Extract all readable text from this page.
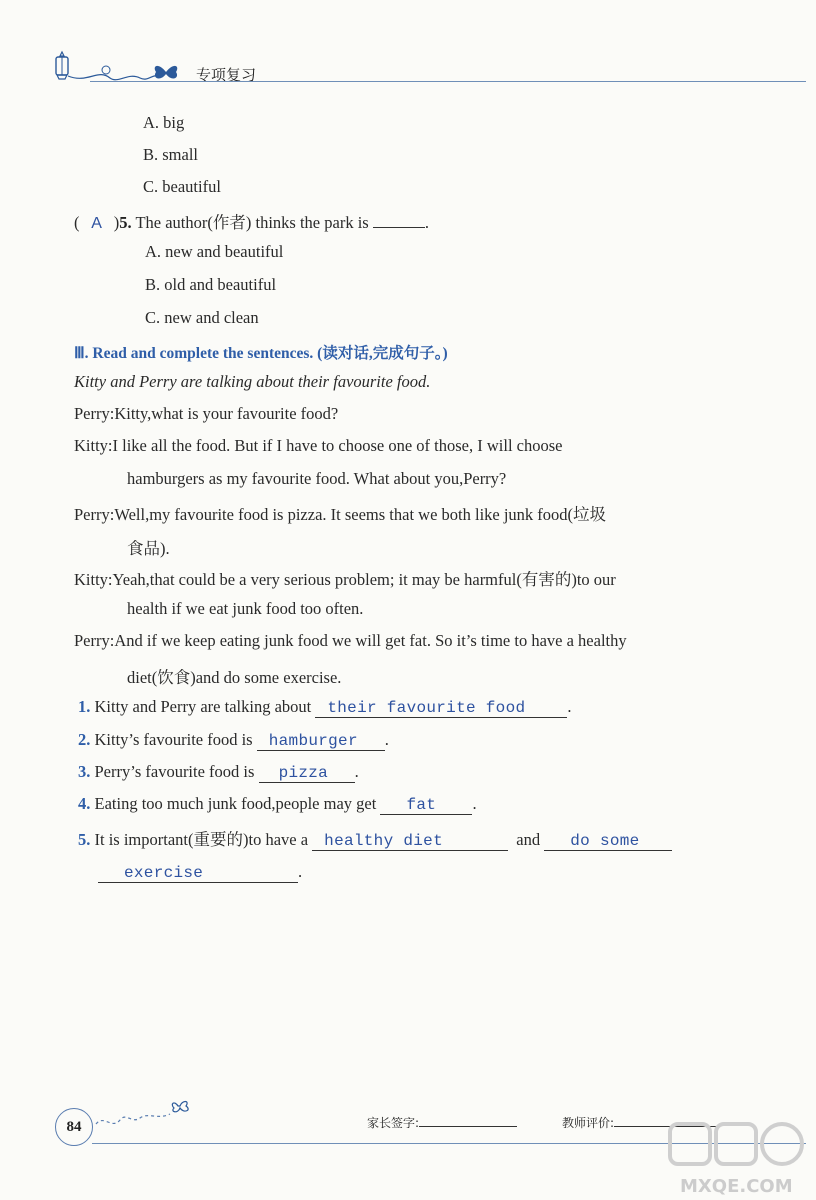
专项复习
A. big
B. small
C. beautiful
( A )5. The author(作者) thinks the park is	.
A. new and beautiful
B. old and beautiful
C. new and clean
Ⅲ. Read and complete the sentences. (读对话,完成句子。)
Kitty and Perry are talking about their favourite food.
Perry:Kitty,what is your favourite food?
Kitty:I like all the food. But if I have to choose one of those, I will choose
hamburgers as my favourite food. What about you,Perry?
Perry:Well,my favourite food is pizza. It seems that we both like junk food(垃圾
食品).
Kitty:Yeah,that could be a very serious problem; it may be harmful(有害的)to our
health if we eat junk food too often.
Perry:And if we keep eating junk food we will get fat. So it’s time to have a healthy
diet(饮食)and do some exercise.
1. Kitty and Perry are talking about their favourite food	.
2. Kitty’s favourite food is hamburger .
3. Perry’s favourite food is pizza .
4. Eating too much junk food,people may get fat .
5. It is important(重要的)to have a healthy diet	and do some
exercise	.
84	家长签字:	教师评价:
MXQE.COM
